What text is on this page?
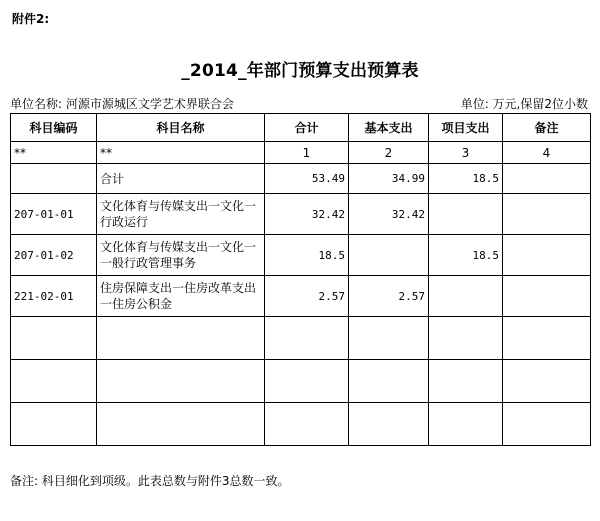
附件2:
_2014_年部门预算支出预算表
单位名称: 河源市源城区文学艺术界联合会	单位: 万元,保留2位小数
科目编码	科目名称	合计	基本支出	项目支出	备注
**	**	1	2	3	4
	合计	53.49	34.99	18.5	
207-01-01	文化体育与传媒支出一文化一行政运行	32.42	32.42		
207-01-02	文化体育与传媒支出一文化一一般行政管理事务	18.5		18.5	
221-02-01	住房保障支出一住房改革支出一住房公积金	2.57	2.57		

备注: 科目细化到项级。此表总数与附件3总数一致。
